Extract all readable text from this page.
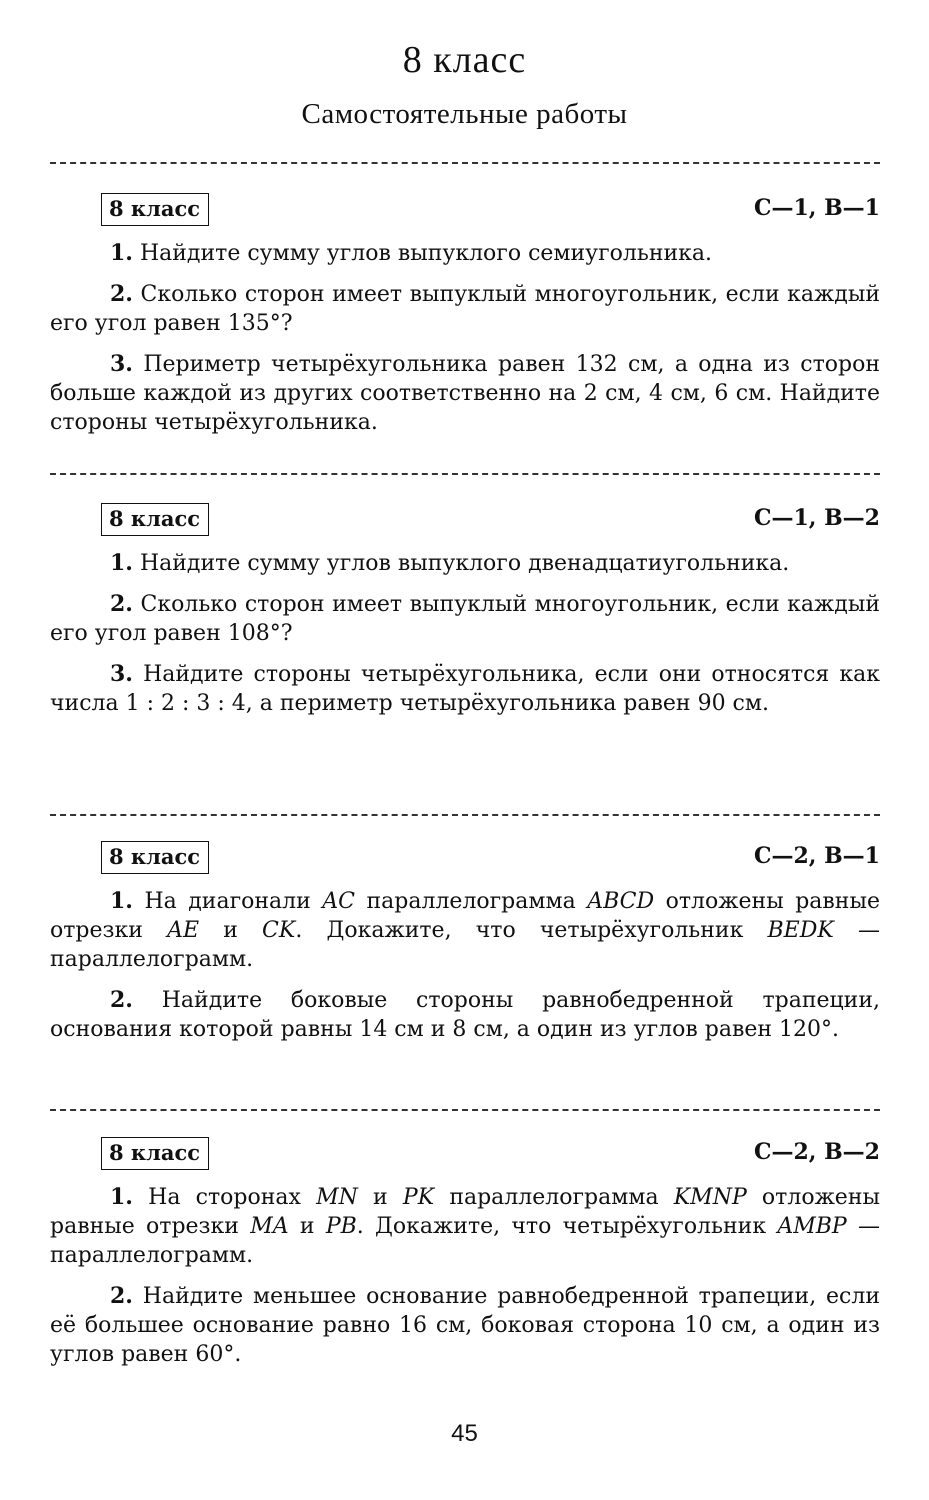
8 класс
Самостоятельные работы
8 класс	С—1, В—1

1. Найдите сумму углов выпуклого семиугольника.

2. Сколько сторон имеет выпуклый многоугольник, если каждый его угол равен 135°?

3. Периметр четырёхугольника равен 132 см, а одна из сторон больше каждой из других соответственно на 2 см, 4 см, 6 см. Найдите стороны четырёхугольника.

8 класс	С—1, В—2

1. Найдите сумму углов выпуклого двенадцатиугольника.

2. Сколько сторон имеет выпуклый многоугольник, если каждый его угол равен 108°?

3. Найдите стороны четырёхугольника, если они относятся как числа 1 : 2 : 3 : 4, а периметр четырёхугольника равен 90 см.

8 класс	С—2, В—1

1. На диагонали AC параллелограмма ABCD отложены равные отрезки AE и CK. Докажите, что четырёхугольник BEDK — параллелограмм.

2. Найдите боковые стороны равнобедренной трапеции, основания которой равны 14 см и 8 см, а один из углов равен 120°.

8 класс	С—2, В—2

1. На сторонах MN и PK параллелограмма KMNP отложены равные отрезки MA и PB. Докажите, что четырёхугольник AMBP — параллелограмм.

2. Найдите меньшее основание равнобедренной трапеции, если её большее основание равно 16 см, боковая сторона 10 см, а один из углов равен 60°.

45
